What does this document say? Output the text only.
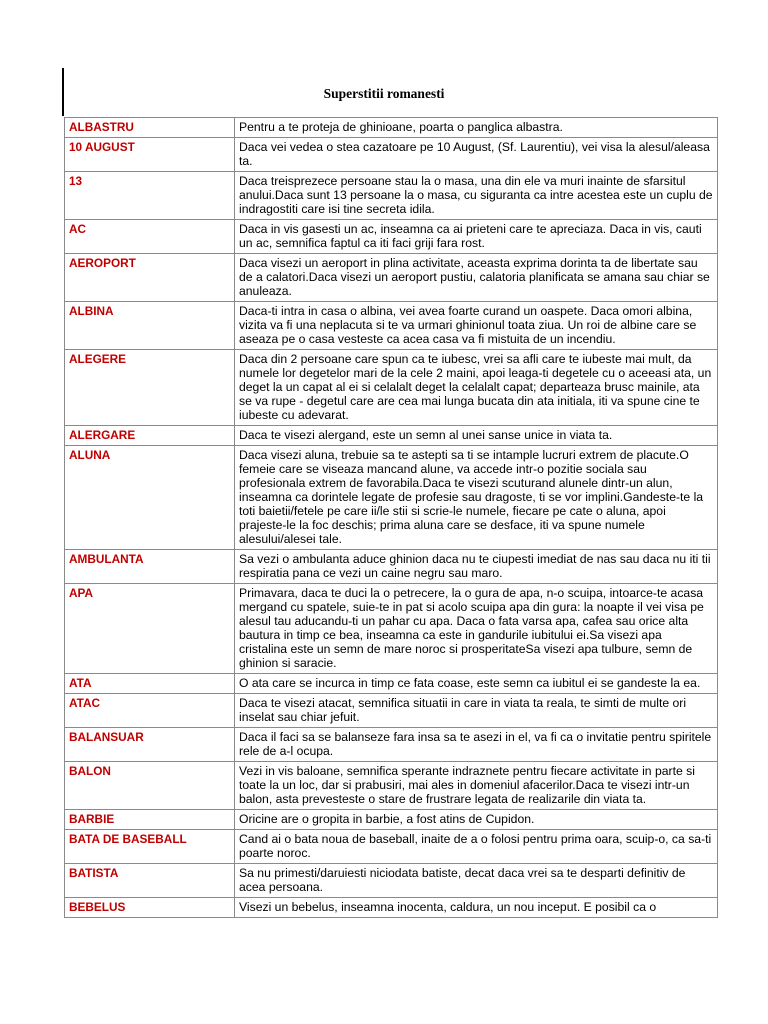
Superstitii romanesti
ALBASTRU	Pentru a te proteja de ghinioane, poarta o panglica albastra.
10 AUGUST	Daca vei vedea o stea cazatoare pe 10 August, (Sf. Laurentiu), vei visa la alesul/aleasa ta.
13	Daca treisprezece persoane stau la o masa, una din ele va muri inainte de sfarsitul anului.Daca sunt 13 persoane la o masa, cu siguranta ca intre acestea este un cuplu de indragostiti care isi tine secreta idila.
AC	Daca in vis gasesti un ac, inseamna ca ai prieteni care te apreciaza. Daca in vis, cauti un ac, semnifica faptul ca iti faci griji fara rost.
AEROPORT	Daca visezi un aeroport in plina activitate, aceasta exprima dorinta ta de libertate sau de a calatori.Daca visezi un aeroport pustiu, calatoria planificata se amana sau chiar se anuleaza.
ALBINA	Daca-ti intra in casa o albina, vei avea foarte curand un oaspete. Daca omori albina, vizita va fi una neplacuta si te va urmari ghinionul toata ziua. Un roi de albine care se aseaza pe o casa vesteste ca acea casa va fi mistuita de un incendiu.
ALEGERE	Daca din 2 persoane care spun ca te iubesc, vrei sa afli care te iubeste mai mult, da numele lor degetelor mari de la cele 2 maini, apoi leaga-ti degetele cu o aceeasi ata, un deget la un capat al ei si celalalt deget la celalalt capat; departeaza brusc mainile, ata se va rupe - degetul care are cea mai lunga bucata din ata initiala, iti va spune cine te iubeste cu adevarat.
ALERGARE	Daca te visezi alergand, este un semn al unei sanse unice in viata ta.
ALUNA	Daca visezi aluna, trebuie sa te astepti sa ti se intample lucruri extrem de placute.O femeie care se viseaza mancand alune, va accede intr-o pozitie sociala sau profesionala extrem de favorabila.Daca te visezi scuturand alunele dintr-un alun, inseamna ca dorintele legate de profesie sau dragoste, ti se vor implini.Gandeste-te la toti baietii/fetele pe care ii/le stii si scrie-le numele, fiecare pe cate o aluna, apoi prajeste-le la foc deschis; prima aluna care se desface, iti va spune numele alesului/alesei tale.
AMBULANTA	Sa vezi o ambulanta aduce ghinion daca nu te ciupesti imediat de nas sau daca nu iti tii respiratia pana ce vezi un caine negru sau maro.
APA	Primavara, daca te duci la o petrecere, la o gura de apa, n-o scuipa, intoarce-te acasa mergand cu spatele, suie-te in pat si acolo scuipa apa din gura: la noapte il vei visa pe alesul tau aducandu-ti un pahar cu apa. Daca o fata varsa apa, cafea sau orice alta bautura in timp ce bea, inseamna ca este in gandurile iubitului ei.Sa visezi apa cristalina este un semn de mare noroc si prosperitateSa visezi apa tulbure, semn de ghinion si saracie.
ATA	O ata care se incurca in timp ce fata coase, este semn ca iubitul ei se gandeste la ea.
ATAC	Daca te visezi atacat, semnifica situatii in care in viata ta reala, te simti de multe ori inselat sau chiar jefuit.
BALANSUAR	Daca il faci sa se balanseze fara insa sa te asezi in el, va fi ca o invitatie pentru spiritele rele de a-l ocupa.
BALON	Vezi in vis baloane, semnifica sperante indraznete pentru fiecare activitate in parte si toate la un loc, dar si prabusiri, mai ales in domeniul afacerilor.Daca te visezi intr-un balon, asta prevesteste o stare de frustrare legata de realizarile din viata ta.
BARBIE	Oricine are o gropita in barbie, a fost atins de Cupidon.
BATA DE BASEBALL	Cand ai o bata noua de baseball, inaite de a o folosi pentru prima oara, scuip-o, ca sa-ti poarte noroc.
BATISTA	Sa nu primesti/daruiesti niciodata batiste, decat daca vrei sa te desparti definitiv de acea persoana.
BEBELUS	Visezi un bebelus, inseamna inocenta, caldura, un nou inceput. E posibil ca o
